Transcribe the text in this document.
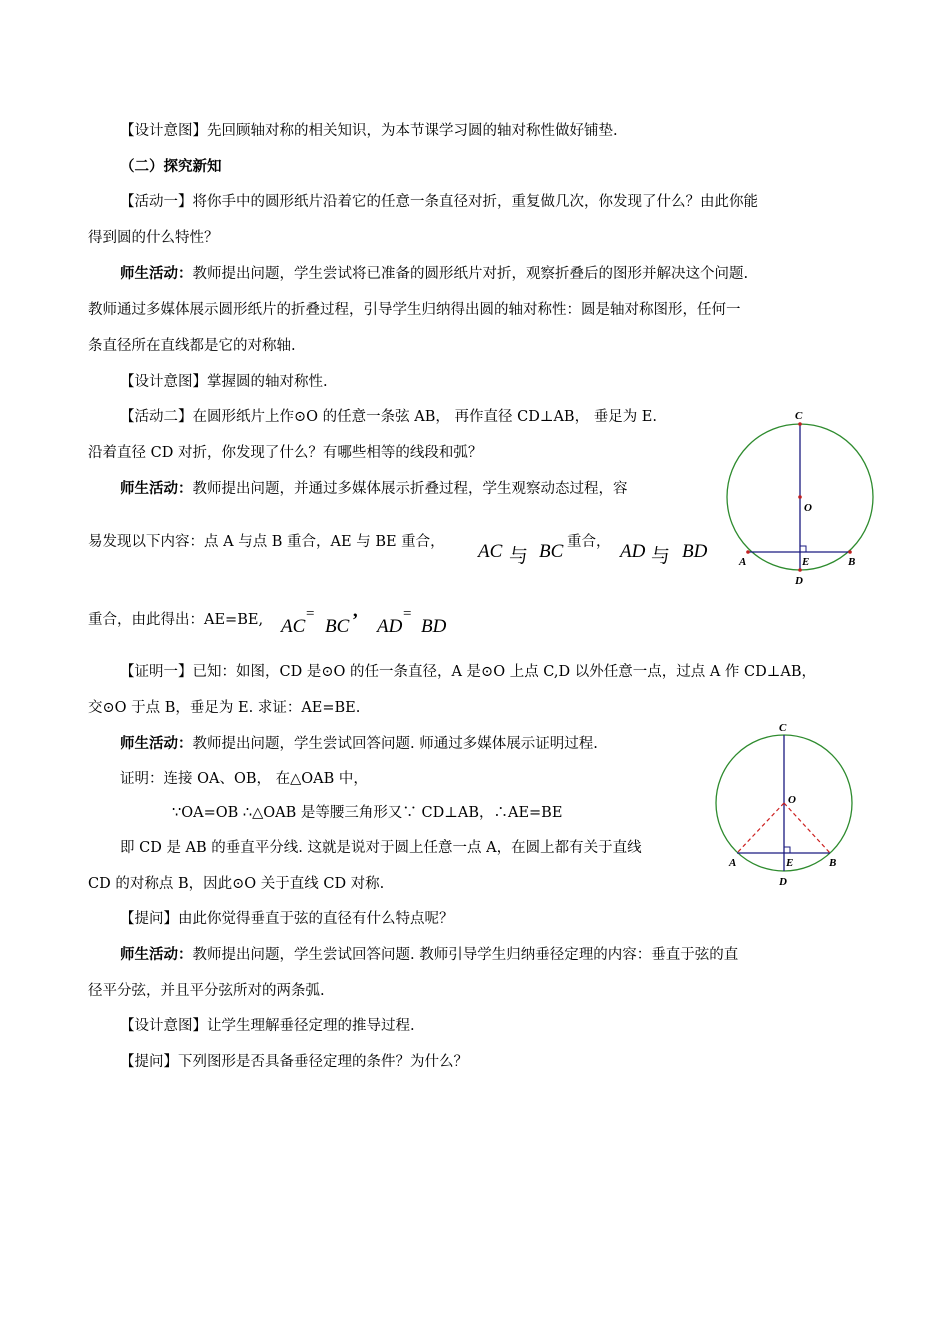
【设计意图】先回顾轴对称的相关知识，为本节课学习圆的轴对称性做好铺垫.
（二）探究新知
【活动一】将你手中的圆形纸片沿着它的任意一条直径对折，重复做几次，你发现了什么？由此你能
得到圆的什么特性？
师生活动：教师提出问题，学生尝试将已准备的圆形纸片对折，观察折叠后的图形并解决这个问题.
教师通过多媒体展示圆形纸片的折叠过程，引导学生归纳得出圆的轴对称性：圆是轴对称图形，任何一
条直径所在直线都是它的对称轴.
【设计意图】掌握圆的轴对称性.
【活动二】在圆形纸片上作⊙O 的任意一条弦 AB， 再作直径 CD⊥AB， 垂足为 E.
沿着直径 CD 对折，你发现了什么？有哪些相等的线段和弧？
师生活动：教师提出问题，并通过多媒体展示折叠过程，学生观察动态过程，容
易发现以下内容：点 A 与点 B 重合，AE 与 BE 重合， AC 与 BC 重合， AD 与 BD
重合，由此得出：AE=BE, AC
=
BC ’ AD
=
BD
【证明一】已知：如图，CD 是⊙O 的任一条直径，A 是⊙O 上点 C,D 以外任意一点，过点 A 作 CD⊥AB，
交⊙O 于点 B，垂足为 E. 求证：AE=BE.
师生活动：教师提出问题，学生尝试回答问题. 师通过多媒体展示证明过程.
证明：连接 OA、OB， 在△OAB 中，
∵OA=OB ∴△OAB 是等腰三角形又∵ CD⊥AB，∴AE=BE
即 CD 是 AB 的垂直平分线. 这就是说对于圆上任意一点 A，在圆上都有关于直线
CD 的对称点 B，因此⊙O 关于直线 CD 对称.
【提问】由此你觉得垂直于弦的直径有什么特点呢？
师生活动：教师提出问题，学生尝试回答问题. 教师引导学生归纳垂径定理的内容：垂直于弦的直
径平分弦，并且平分弦所对的两条弧.
【设计意图】让学生理解垂径定理的推导过程.
【提问】下列图形是否具备垂径定理的条件？为什么？
C
O
A	E	B
D
C
O
A	E	B
D
